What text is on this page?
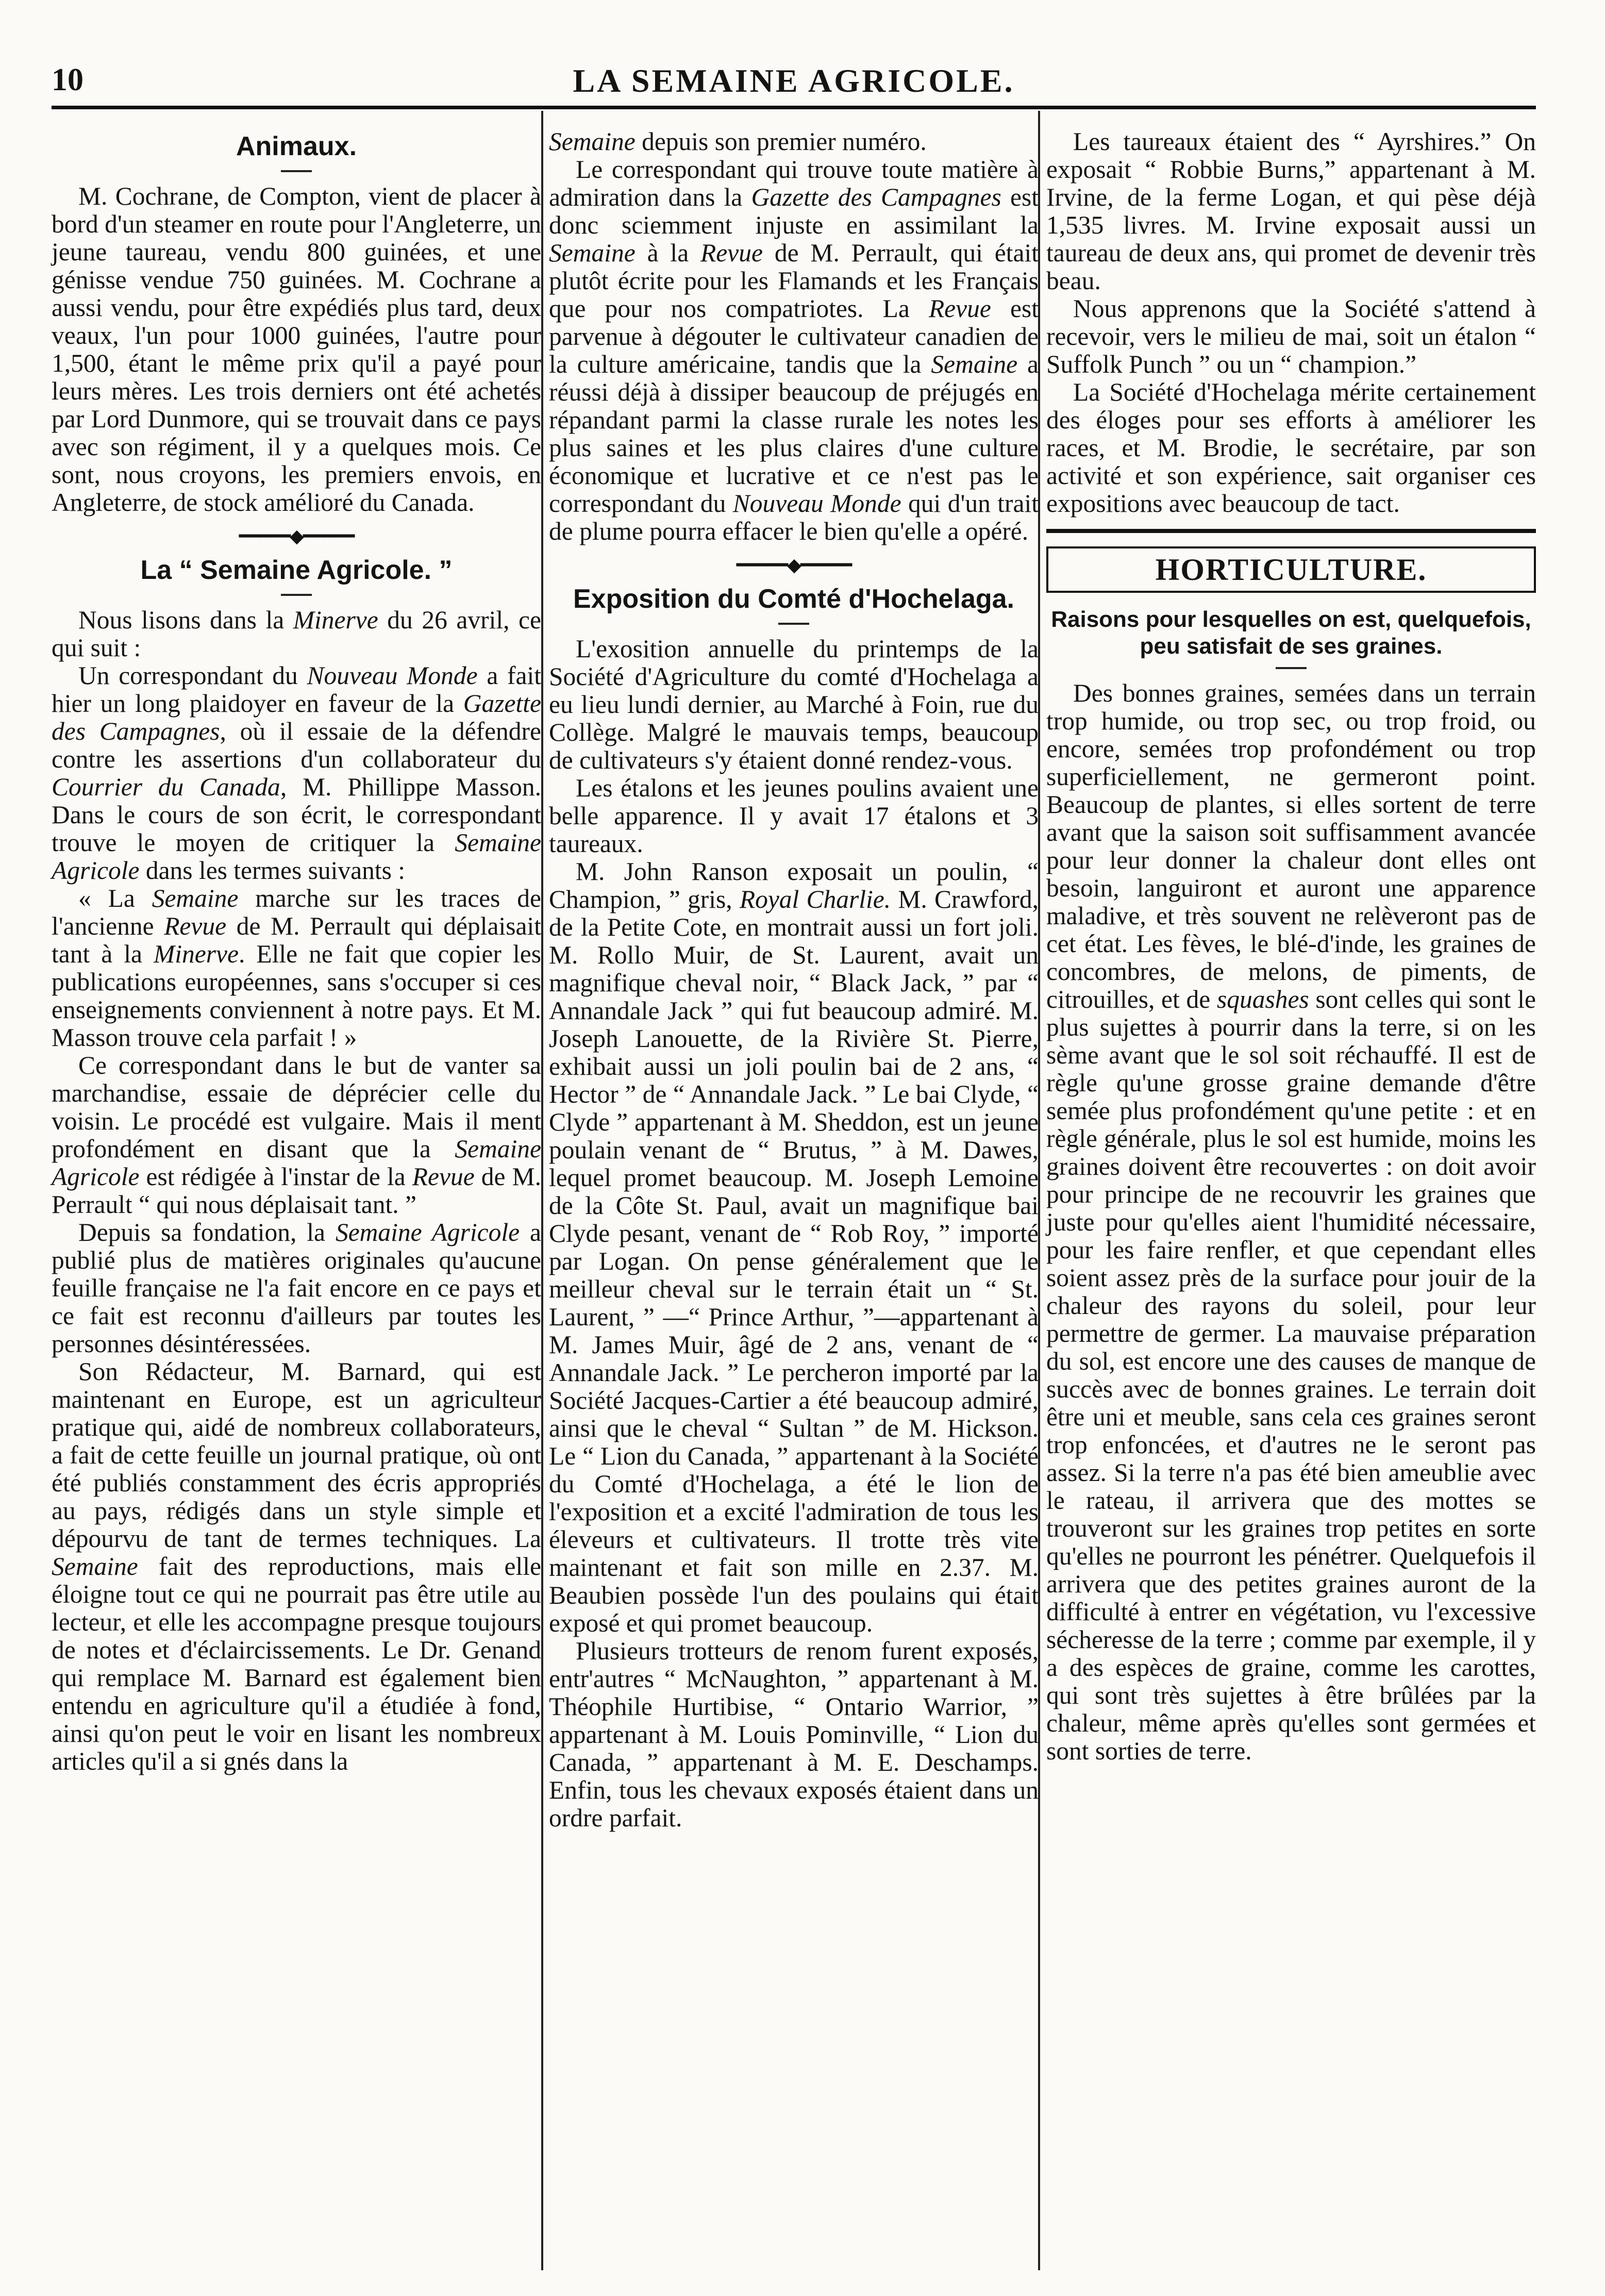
10	LA SEMAINE AGRICOLE.
Animaux.

M. Cochrane, de Compton, vient de placer à bord d'un steamer en route pour l'Angleterre, un jeune taureau, vendu 800 guinées, et une génisse vendue 750 guinées. M. Cochrane a aussi vendu, pour être expédiés plus tard, deux veaux, l'un pour 1000 guinées, l'autre pour 1,500, étant le même prix qu'il a payé pour leurs mères. Les trois derniers ont été achetés par Lord Dunmore, qui se trouvait dans ce pays avec son régiment, il y a quelques mois. Ce sont, nous croyons, les premiers envois, en Angleterre, de stock amélioré du Canada.

━━━━━◆━━━━━
La “ Semaine Agricole. ”

Nous lisons dans la Minerve du 26 avril, ce qui suit :

Un correspondant du Nouveau Monde a fait hier un long plaidoyer en faveur de la Gazette des Campagnes, où il essaie de la défendre contre les assertions d'un collaborateur du Courrier du Canada, M. Phillippe Masson. Dans le cours de son écrit, le correspondant trouve le moyen de critiquer la Semaine Agricole dans les termes suivants :

« La Semaine marche sur les traces de l'ancienne Revue de M. Perrault qui déplaisait tant à la Minerve. Elle ne fait que copier les publications européennes, sans s'occuper si ces enseignements conviennent à notre pays. Et M. Masson trouve cela parfait ! »

Ce correspondant dans le but de vanter sa marchandise, essaie de déprécier celle du voisin. Le procédé est vulgaire. Mais il ment profondément en disant que la Semaine Agricole est rédigée à l'instar de la Revue de M. Perrault “ qui nous déplaisait tant. ”

Depuis sa fondation, la Semaine Agricole a publié plus de matières originales qu'aucune feuille française ne l'a fait encore en ce pays et ce fait est reconnu d'ailleurs par toutes les personnes désintéressées.

Son Rédacteur, M. Barnard, qui est maintenant en Europe, est un agriculteur pratique qui, aidé de nombreux collaborateurs, a fait de cette feuille un journal pratique, où ont été publiés constamment des écris appropriés au pays, rédigés dans un style simple et dépourvu de tant de termes techniques. La Semaine fait des reproductions, mais elle éloigne tout ce qui ne pourrait pas être utile au lecteur, et elle les accompagne presque toujours de notes et d'éclaircissements. Le Dr. Genand qui remplace M. Barnard est également bien entendu en agriculture qu'il a étudiée à fond, ainsi qu'on peut le voir en lisant les nombreux articles qu'il a si gnés dans la

Semaine depuis son premier numéro.

Le correspondant qui trouve toute matière à admiration dans la Gazette des Campagnes est donc sciemment injuste en assimilant la Semaine à la Revue de M. Perrault, qui était plutôt écrite pour les Flamands et les Français que pour nos compatriotes. La Revue est parvenue à dégouter le cultivateur canadien de la culture américaine, tandis que la Semaine a réussi déjà à dissiper beaucoup de préjugés en répandant parmi la classe rurale les notes les plus saines et les plus claires d'une culture économique et lucrative et ce n'est pas le correspondant du Nouveau Monde qui d'un trait de plume pourra effacer le bien qu'elle a opéré.

━━━━━◆━━━━━
Exposition du Comté d'Hochelaga.

L'exosition annuelle du printemps de la Société d'Agriculture du comté d'Hochelaga a eu lieu lundi dernier, au Marché à Foin, rue du Collège. Malgré le mauvais temps, beaucoup de cultivateurs s'y étaient donné rendez-vous.

Les étalons et les jeunes poulins avaient une belle apparence. Il y avait 17 étalons et 3 taureaux.

M. John Ranson exposait un poulin, “ Champion, ” gris, Royal Charlie. M. Crawford, de la Petite Cote, en montrait aussi un fort joli. M. Rollo Muir, de St. Laurent, avait un magnifique cheval noir, “ Black Jack, ” par “ Annandale Jack ” qui fut beaucoup admiré. M. Joseph Lanouette, de la Rivière St. Pierre, exhibait aussi un joli poulin bai de 2 ans, “ Hector ” de “ Annandale Jack. ” Le bai Clyde, “ Clyde ” appartenant à M. Sheddon, est un jeune poulain venant de “ Brutus, ” à M. Dawes, lequel promet beaucoup. M. Joseph Lemoine de la Côte St. Paul, avait un magnifique bai Clyde pesant, venant de “ Rob Roy, ” importé par Logan. On pense généralement que le meilleur cheval sur le terrain était un “ St. Laurent, ” —“ Prince Arthur, ”—appartenant à M. James Muir, âgé de 2 ans, venant de “ Annandale Jack. ” Le percheron importé par la Société Jacques-Cartier a été beaucoup admiré, ainsi que le cheval “ Sultan ” de M. Hickson. Le “ Lion du Canada, ” appartenant à la Société du Comté d'Hochelaga, a été le lion de l'exposition et a excité l'admiration de tous les éleveurs et cultivateurs. Il trotte très vite maintenant et fait son mille en 2.37. M. Beaubien possède l'un des poulains qui était exposé et qui promet beaucoup.

Plusieurs trotteurs de renom furent exposés, entr'autres “ McNaughton, ” appartenant à M. Théophile Hurtibise, “ Ontario Warrior, ” appartenant à M. Louis Pominville, “ Lion du Canada, ” appartenant à M. E. Deschamps. Enfin, tous les chevaux exposés étaient dans un ordre parfait.

Les taureaux étaient des “ Ayrshires.” On exposait “ Robbie Burns,” appartenant à M. Irvine, de la ferme Logan, et qui pèse déjà 1,535 livres. M. Irvine exposait aussi un taureau de deux ans, qui promet de devenir très beau.

Nous apprenons que la Société s'attend à recevoir, vers le milieu de mai, soit un étalon “ Suffolk Punch ” ou un “ champion.”

La Société d'Hochelaga mérite certainement des éloges pour ses efforts à améliorer les races, et M. Brodie, le secrétaire, par son activité et son expérience, sait organiser ces expositions avec beaucoup de tact.

HORTICULTURE.
Raisons pour lesquelles on est, quelquefois, peu satisfait de ses graines.

Des bonnes graines, semées dans un terrain trop humide, ou trop sec, ou trop froid, ou encore, semées trop profondément ou trop superficiellement, ne germeront point. Beaucoup de plantes, si elles sortent de terre avant que la saison soit suffisamment avancée pour leur donner la chaleur dont elles ont besoin, languiront et auront une apparence maladive, et très souvent ne relèveront pas de cet état. Les fèves, le blé-d'inde, les graines de concombres, de melons, de piments, de citrouilles, et de squashes sont celles qui sont le plus sujettes à pourrir dans la terre, si on les sème avant que le sol soit réchauffé. Il est de règle qu'une grosse graine demande d'être semée plus profondément qu'une petite : et en règle générale, plus le sol est humide, moins les graines doivent être recouvertes : on doit avoir pour principe de ne recouvrir les graines que juste pour qu'elles aient l'humidité nécessaire, pour les faire renfler, et que cependant elles soient assez près de la surface pour jouir de la chaleur des rayons du soleil, pour leur permettre de germer. La mauvaise préparation du sol, est encore une des causes de manque de succès avec de bonnes graines. Le terrain doit être uni et meuble, sans cela ces graines seront trop enfoncées, et d'autres ne le seront pas assez. Si la terre n'a pas été bien ameublie avec le rateau, il arrivera que des mottes se trouveront sur les graines trop petites en sorte qu'elles ne pourront les pénétrer. Quelquefois il arrivera que des petites graines auront de la difficulté à entrer en végétation, vu l'excessive sécheresse de la terre ; comme par exemple, il y a des espèces de graine, comme les carottes, qui sont très sujettes à être brûlées par la chaleur, même après qu'elles sont germées et sont sorties de terre.
